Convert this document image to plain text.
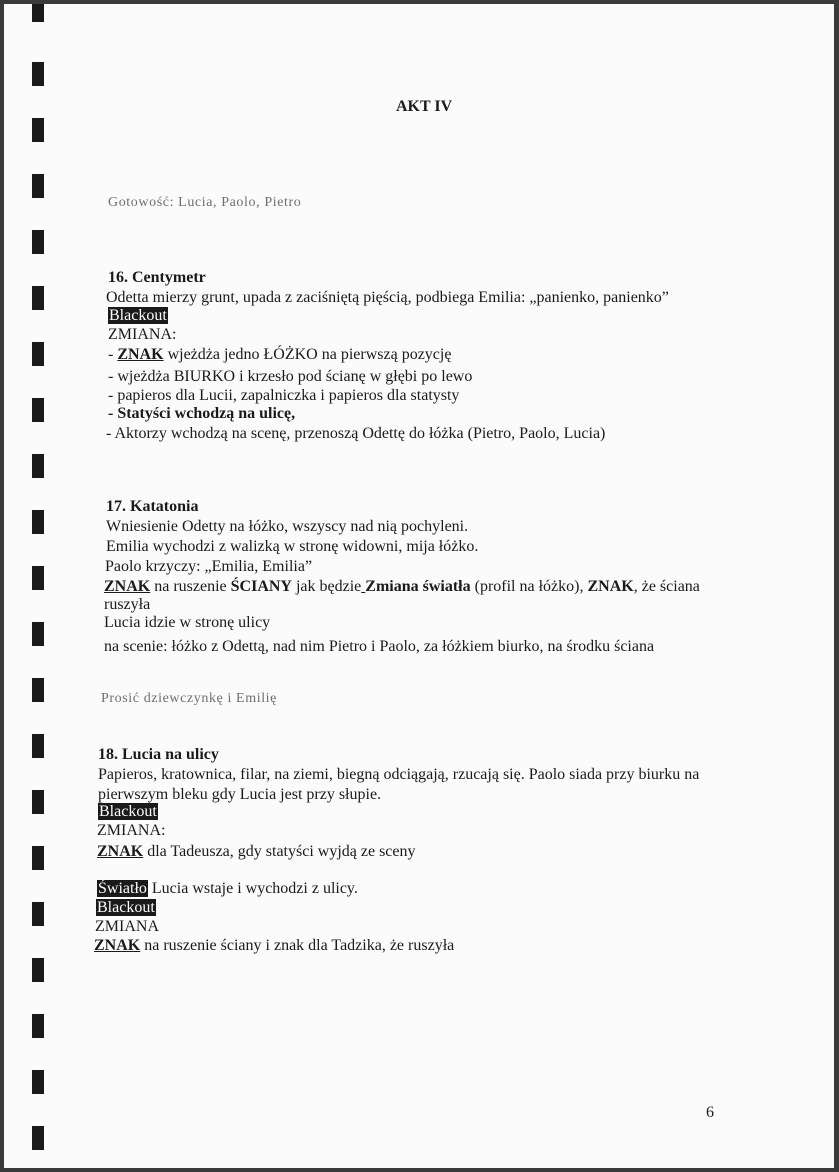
AKT IV
Gotowość: Lucia, Paolo, Pietro
16. Centymetr
Odetta mierzy grunt, upada z zaciśniętą pięścią, podbiega Emilia: „panienko, panienko”
Blackout
ZMIANA:
- ZNAK wjeżdża jedno ŁÓŻKO na pierwszą pozycję
- wjeżdża BIURKO i krzesło pod ścianę w głębi po lewo
- papieros dla Lucii, zapalniczka i papieros dla statysty
- Statyści wchodzą na ulicę,
- Aktorzy wchodzą na scenę, przenoszą Odettę do łóżka (Pietro, Paolo, Lucia)
17. Katatonia
Wniesienie Odetty na łóżko, wszyscy nad nią pochyleni.
Emilia wychodzi z walizką w stronę widowni, mija łóżko.
Paolo krzyczy: „Emilia, Emilia”
ZNAK na ruszenie ŚCIANY jak będzie Zmiana światła (profil na łóżko), ZNAK, że ściana
ruszyła
Lucia idzie w stronę ulicy
na scenie: łóżko z Odettą, nad nim Pietro i Paolo, za łóżkiem biurko, na środku ściana
Prosić dziewczynkę i Emilię
18. Lucia na ulicy
Papieros, kratownica, filar, na ziemi, biegną odciągają, rzucają się. Paolo siada przy biurku na
pierwszym bleku gdy Lucia jest przy słupie.
Blackout
ZMIANA:
ZNAK dla Tadeusza, gdy statyści wyjdą ze sceny
Światło Lucia wstaje i wychodzi z ulicy.
Blackout
ZMIANA
ZNAK na ruszenie ściany i znak dla Tadzika, że ruszyła
6
